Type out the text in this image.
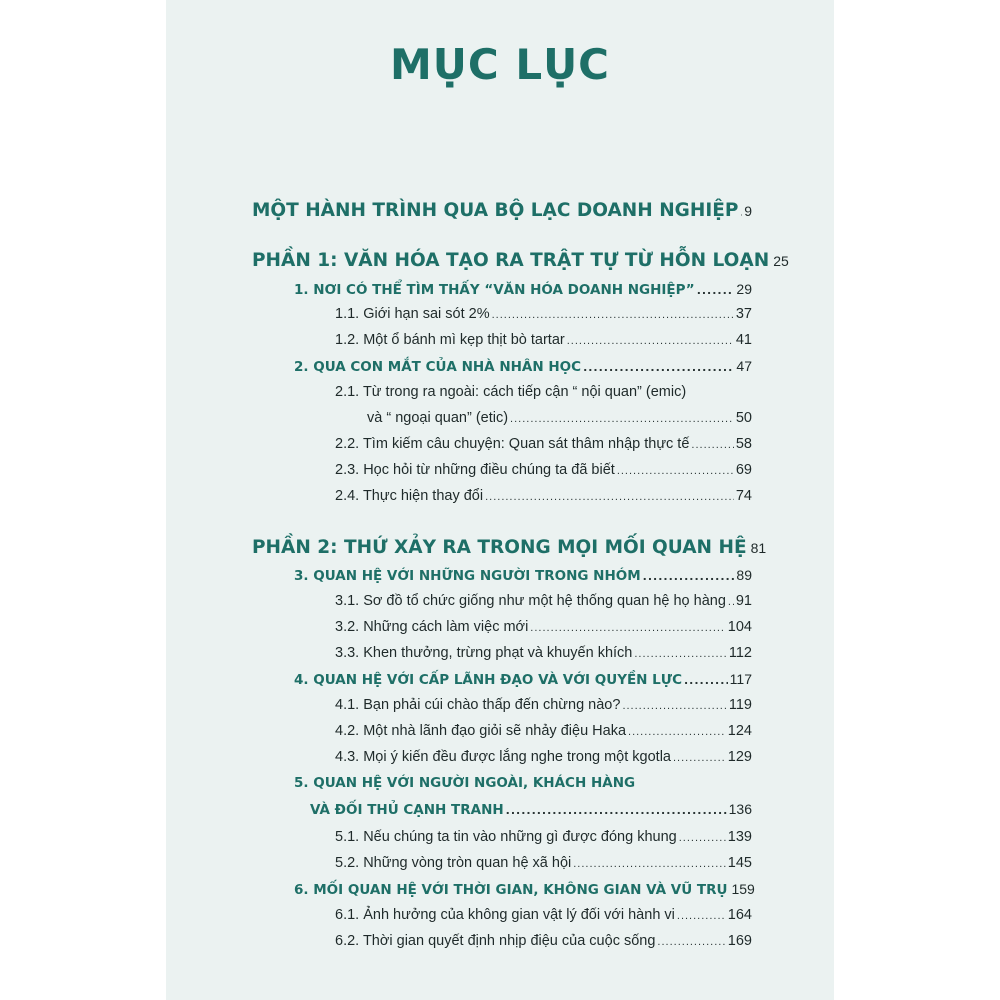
MỤC LỤC
MỘT HÀNH TRÌNH QUA BỘ LẠC DOANH NGHIỆP ..... 9
PHẦN 1: VĂN HÓA TẠO RA TRẬT TỰ TỪ HỖN LOẠN 25
1. NƠI CÓ THỂ TÌM THẤY “VĂN HÓA DOANH NGHIỆP” .....	29
1.1. Giới hạn sai sót 2% .....	37
1.2. Một ổ bánh mì kẹp thịt bò tartar .....	41
2. QUA CON MẮT CỦA NHÀ NHÂN HỌC .....	47
2.1. Từ trong ra ngoài: cách tiếp cận “ nội quan” (emic)
và “ ngoại quan” (etic) .....	50
2.2. Tìm kiếm câu chuyện: Quan sát thâm nhập thực tế .....	58
2.3. Học hỏi từ những điều chúng ta đã biết .....	69
2.4. Thực hiện thay đổi .....	74
PHẦN 2: THỨ XẢY RA TRONG MỌI MỐI QUAN HỆ 81
3. QUAN HỆ VỚI NHỮNG NGƯỜI TRONG NHÓM .....	89
3.1. Sơ đồ tổ chức giống như một hệ thống quan hệ họ hàng ..... 91
3.2. Những cách làm việc mới .....	104
3.3. Khen thưởng, trừng phạt và khuyến khích .....	112
4. QUAN HỆ VỚI CẤP LÃNH ĐẠO VÀ VỚI QUYỀN LỰC .....	117
4.1. Bạn phải cúi chào thấp đến chừng nào? .....	119
4.2. Một nhà lãnh đạo giỏi sẽ nhảy điệu Haka .....	124
4.3. Mọi ý kiến đều được lắng nghe trong một kgotla .....	129
5. QUAN HỆ VỚI NGƯỜI NGOÀI, KHÁCH HÀNG
VÀ ĐỐI THỦ CẠNH TRANH .....	136
5.1. Nếu chúng ta tin vào những gì được đóng khung .....	139
5.2. Những vòng tròn quan hệ xã hội .....	145
6. MỐI QUAN HỆ VỚI THỜI GIAN, KHÔNG GIAN VÀ VŨ TRỤ 159
6.1. Ảnh hưởng của không gian vật lý đối với hành vi .....	164
6.2. Thời gian quyết định nhịp điệu của cuộc sống .....	169
